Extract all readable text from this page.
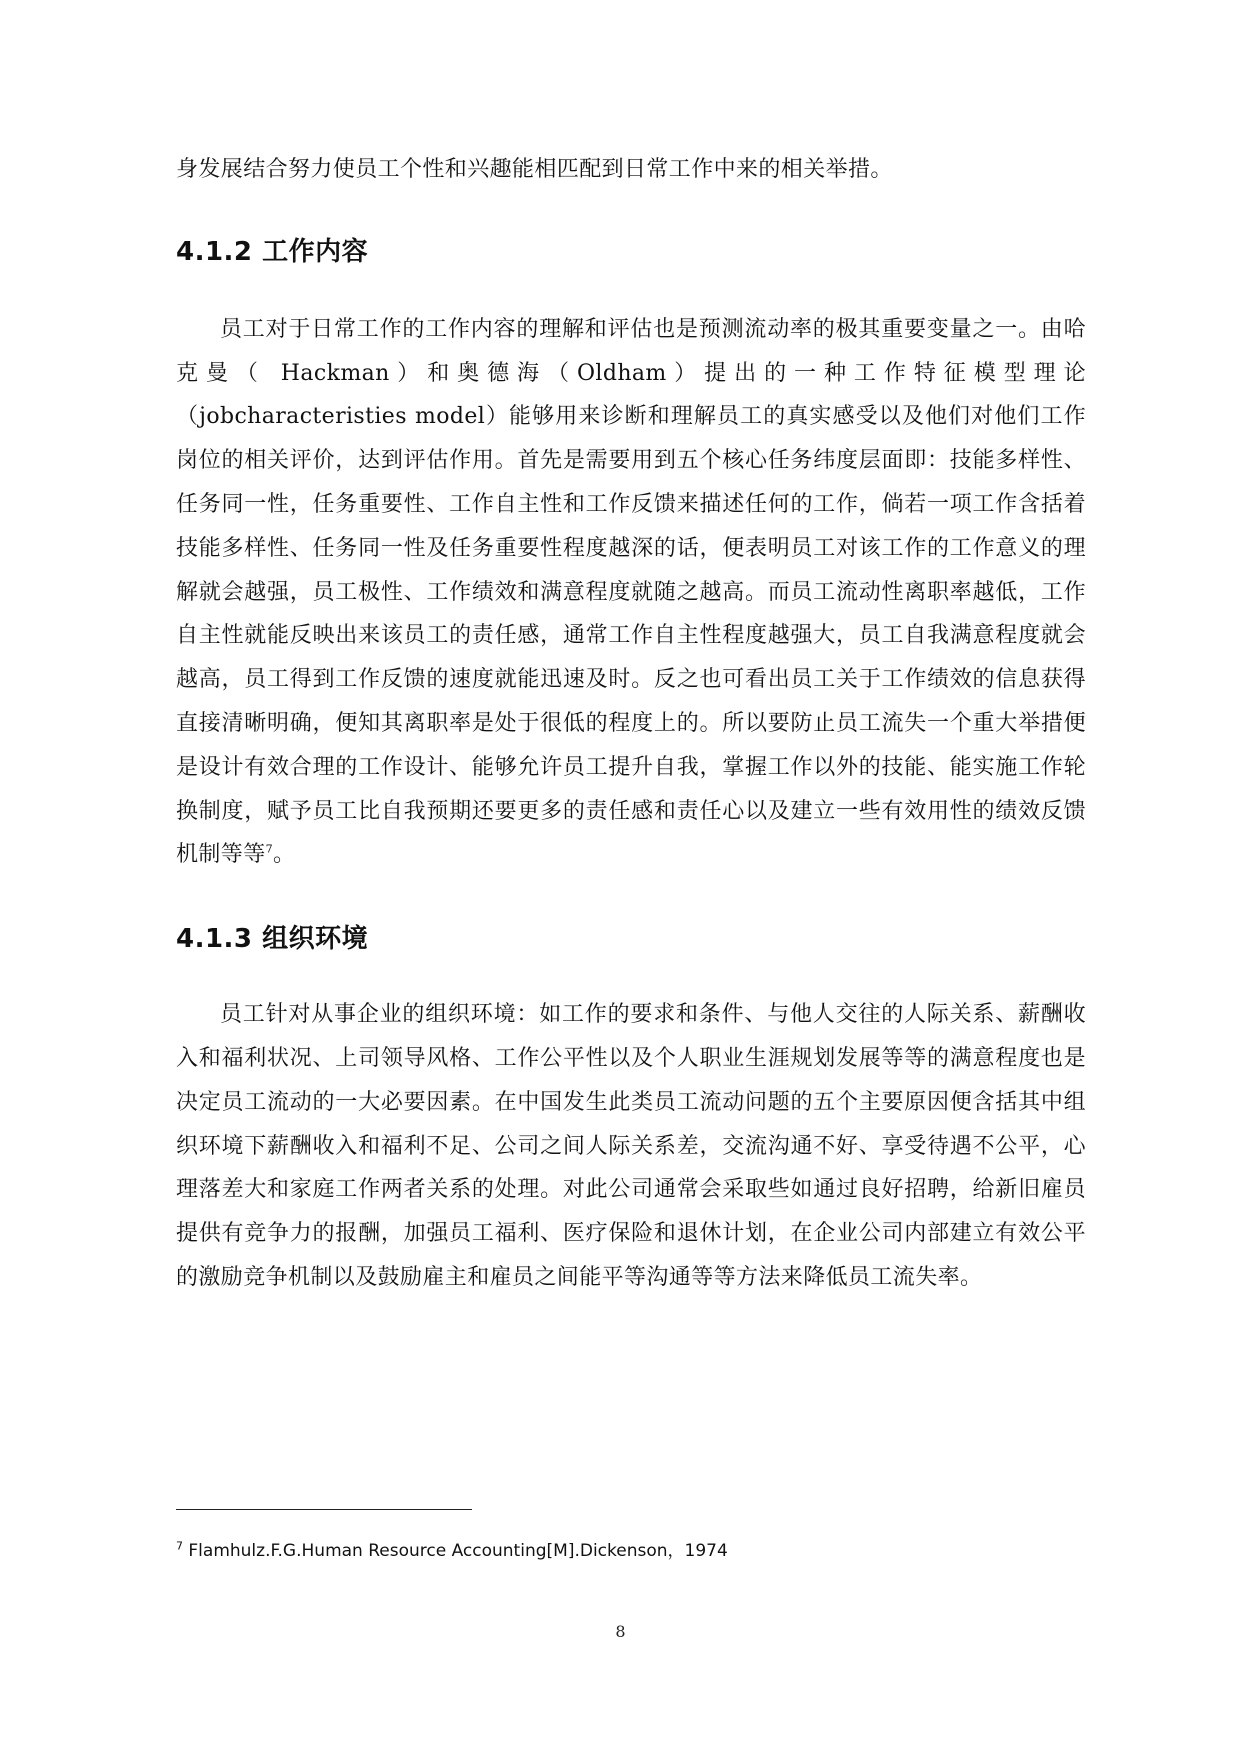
身发展结合努力使员工个性和兴趣能相匹配到日常工作中来的相关举措。

4.1.2 工作内容

员工对于日常工作的工作内容的理解和评估也是预测流动率的极其重要变量之一。由哈克曼（ Hackman）和奥德海（Oldham）提出的一种工作特征模型理论（jobcharacteristies model）能够用来诊断和理解员工的真实感受以及他们对他们工作岗位的相关评价，达到评估作用。首先是需要用到五个核心任务纬度层面即：技能多样性、任务同一性，任务重要性、工作自主性和工作反馈来描述任何的工作，倘若一项工作含括着技能多样性、任务同一性及任务重要性程度越深的话，便表明员工对该工作的工作意义的理解就会越强，员工极性、工作绩效和满意程度就随之越高。而员工流动性离职率越低，工作自主性就能反映出来该员工的责任感，通常工作自主性程度越强大，员工自我满意程度就会越高，员工得到工作反馈的速度就能迅速及时。反之也可看出员工关于工作绩效的信息获得直接清晰明确，便知其离职率是处于很低的程度上的。所以要防止员工流失一个重大举措便是设计有效合理的工作设计、能够允许员工提升自我，掌握工作以外的技能、能实施工作轮换制度，赋予员工比自我预期还要更多的责任感和责任心以及建立一些有效用性的绩效反馈机制等等$^7$。

4.1.3 组织环境

员工针对从事企业的组织环境：如工作的要求和条件、与他人交往的人际关系、薪酬收入和福利状况、上司领导风格、工作公平性以及个人职业生涯规划发展等等的满意程度也是决定员工流动的一大必要因素。在中国发生此类员工流动问题的五个主要原因便含括其中组织环境下薪酬收入和福利不足、公司之间人际关系差，交流沟通不好、享受待遇不公平，心理落差大和家庭工作两者关系的处理。对此公司通常会采取些如通过良好招聘，给新旧雇员提供有竞争力的报酬，加强员工福利、医疗保险和退休计划，在企业公司内部建立有效公平的激励竞争机制以及鼓励雇主和雇员之间能平等沟通等等方法来降低员工流失率。

$^7$ Flamhulz.F.G.Human Resource Accounting[M].Dickenson，1974
8
